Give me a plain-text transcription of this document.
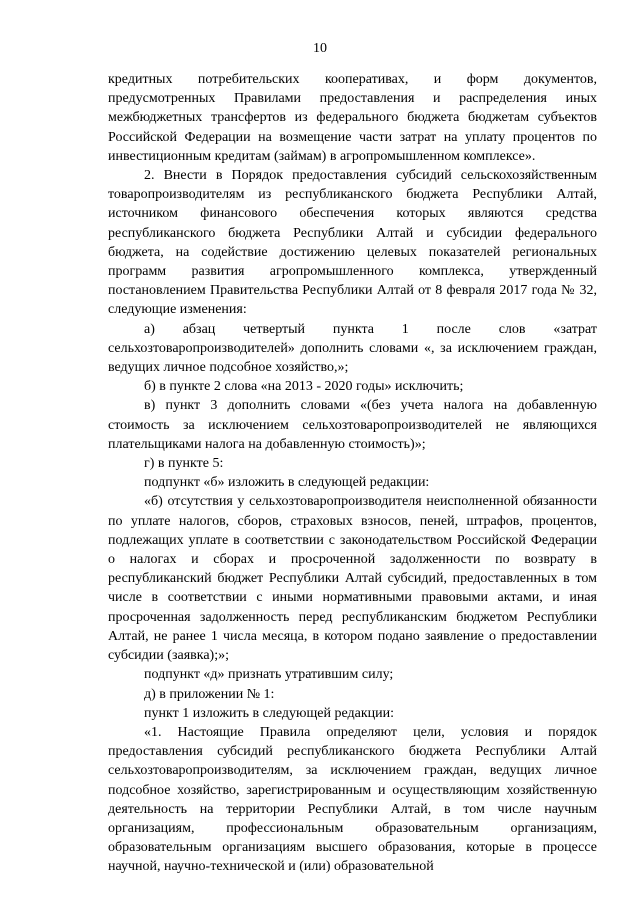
10

кредитных потребительских кооперативах, и форм документов, предусмотренных Правилами предоставления и распределения иных межбюджетных трансфертов из федерального бюджета бюджетам субъектов Российской Федерации на возмещение части затрат на уплату процентов по инвестиционным кредитам (займам) в агропромышленном комплексе».

2. Внести в Порядок предоставления субсидий сельскохозяйственным товаропроизводителям из республиканского бюджета Республики Алтай, источником финансового обеспечения которых являются средства республиканского бюджета Республики Алтай и субсидии федерального бюджета, на содействие достижению целевых показателей региональных программ развития агропромышленного комплекса, утвержденный постановлением Правительства Республики Алтай от 8 февраля 2017 года № 32, следующие изменения:

а) абзац четвертый пункта 1 после слов «затрат сельхозтоваропроизводителей» дополнить словами «, за исключением граждан, ведущих личное подсобное хозяйство,»;

б) в пункте 2 слова «на 2013 - 2020 годы» исключить;

в) пункт 3 дополнить словами «(без учета налога на добавленную стоимость за исключением сельхозтоваропроизводителей не являющихся плательщиками налога на добавленную стоимость)»;

г) в пункте 5:

подпункт «б» изложить в следующей редакции:

«б) отсутствия у сельхозтоваропроизводителя неисполненной обязанности по уплате налогов, сборов, страховых взносов, пеней, штрафов, процентов, подлежащих уплате в соответствии с законодательством Российской Федерации о налогах и сборах и просроченной задолженности по возврату в республиканский бюджет Республики Алтай субсидий, предоставленных в том числе в соответствии с иными нормативными правовыми актами, и иная просроченная задолженность перед республиканским бюджетом Республики Алтай, не ранее 1 числа месяца, в котором подано заявление о предоставлении субсидии (заявка);»;

подпункт «д» признать утратившим силу;

д) в приложении № 1:

пункт 1 изложить в следующей редакции:

«1. Настоящие Правила определяют цели, условия и порядок предоставления субсидий республиканского бюджета Республики Алтай сельхозтоваропроизводителям, за исключением граждан, ведущих личное подсобное хозяйство, зарегистрированным и осуществляющим хозяйственную деятельность на территории Республики Алтай, в том числе научным организациям, профессиональным образовательным организациям, образовательным организациям высшего образования, которые в процессе научной, научно-технической и (или) образовательной
